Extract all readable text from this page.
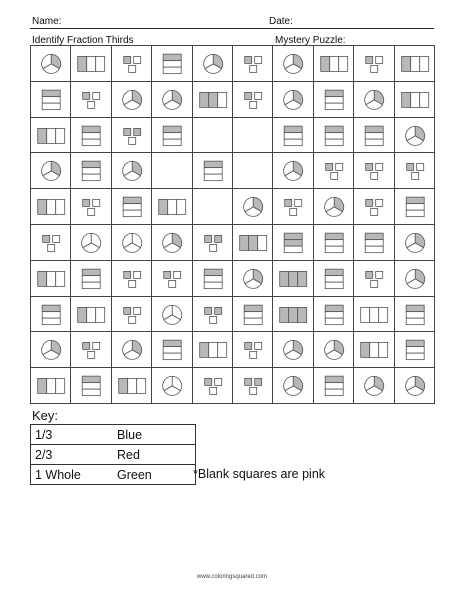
Name:	Date:
Identify Fraction Thirds	Mystery Puzzle:
Key:
1/3	Blue
2/3	Red
1 Whole	Green	*Blank squares are pink
www.coloringsquared.com
